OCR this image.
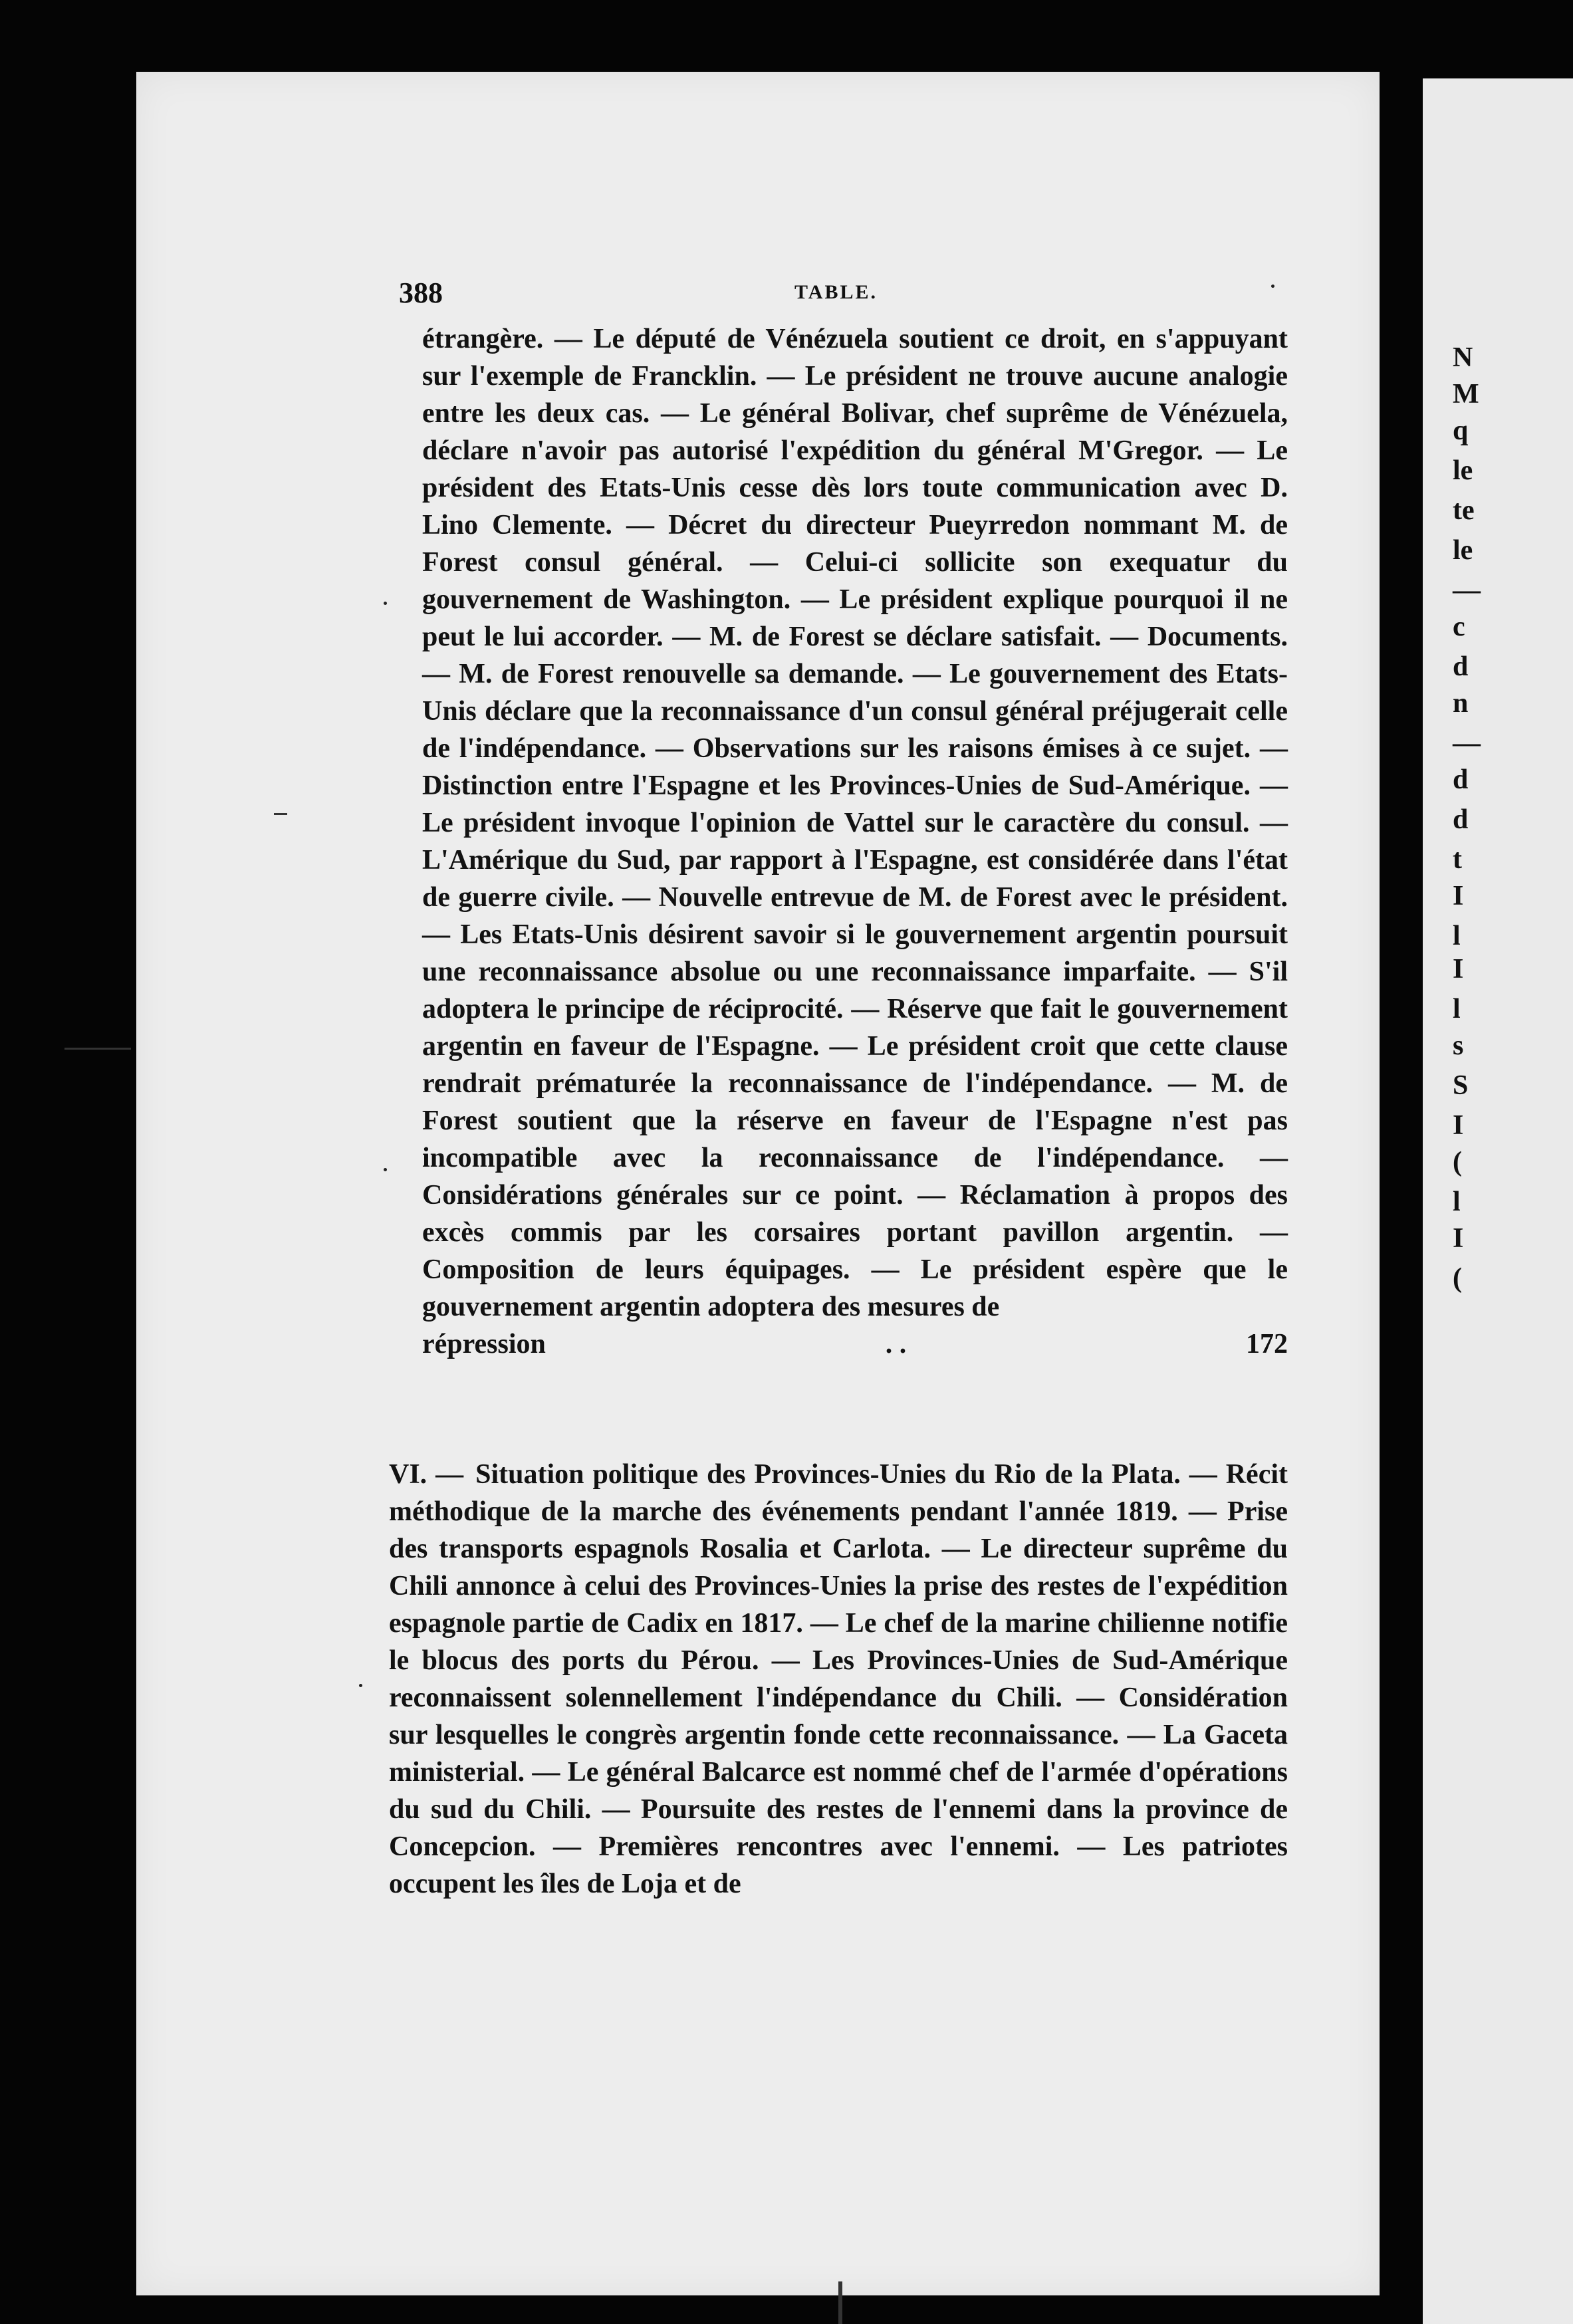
N
M
q
le
te
le
—
c
d
n
—
d
d
t
I
l
I
l
s
S
I
(
l
I
(
388	TABLE.
étrangère. — Le député de Vénézuela soutient ce droit, en s'appuyant sur l'exemple de Francklin. — Le président ne trouve aucune analogie entre les deux cas. — Le général Bolivar, chef suprême de Vénézuela, déclare n'avoir pas autorisé l'expédition du général M'Gregor. — Le président des Etats-Unis cesse dès lors toute communication avec D. Lino Clemente. — Décret du directeur Pueyrredon nommant M. de Forest consul général. — Celui-ci sollicite son exequatur du gouvernement de Washington. — Le président explique pourquoi il ne peut le lui accorder. — M. de Forest se déclare satisfait. — Documents. — M. de Forest renouvelle sa demande. — Le gouvernement des Etats-Unis déclare que la reconnaissance d'un consul général préjugerait celle de l'indépendance. — Observations sur les raisons émises à ce sujet. — Distinction entre l'Espagne et les Provinces-Unies de Sud-Amérique. — Le président invoque l'opinion de Vattel sur le caractère du consul. — L'Amérique du Sud, par rapport à l'Espagne, est considérée dans l'état de guerre civile. — Nouvelle entrevue de M. de Forest avec le président. — Les Etats-Unis désirent savoir si le gouvernement argentin poursuit une reconnaissance absolue ou une reconnaissance imparfaite. — S'il adoptera le principe de réciprocité. — Réserve que fait le gouvernement argentin en faveur de l'Espagne. — Le président croit que cette clause rendrait prématurée la reconnaissance de l'indépendance. — M. de Forest soutient que la réserve en faveur de l'Espagne n'est pas incompatible avec la reconnaissance de l'indépendance. — Considérations générales sur ce point. — Réclamation à propos des excès commis par les corsaires portant pavillon argentin. — Composition de leurs équipages. — Le président espère que le gouvernement argentin adoptera des mesures de
répression	. .	172
VI. — Situation politique des Provinces-Unies du Rio de la Plata. — Récit méthodique de la marche des événements pendant l'année 1819. — Prise des transports espagnols Rosalia et Carlota. — Le directeur suprême du Chili annonce à celui des Provinces-Unies la prise des restes de l'expédition espagnole partie de Cadix en 1817. — Le chef de la marine chilienne notifie le blocus des ports du Pérou. — Les Provinces-Unies de Sud-Amérique reconnaissent solennellement l'indépendance du Chili. — Considération sur lesquelles le congrès argentin fonde cette reconnaissance. — La Gaceta ministerial. — Le général Balcarce est nommé chef de l'armée d'opérations du sud du Chili. — Poursuite des restes de l'ennemi dans la province de Concepcion. — Premières rencontres avec l'ennemi. — Les patriotes occupent les îles de Loja et de
